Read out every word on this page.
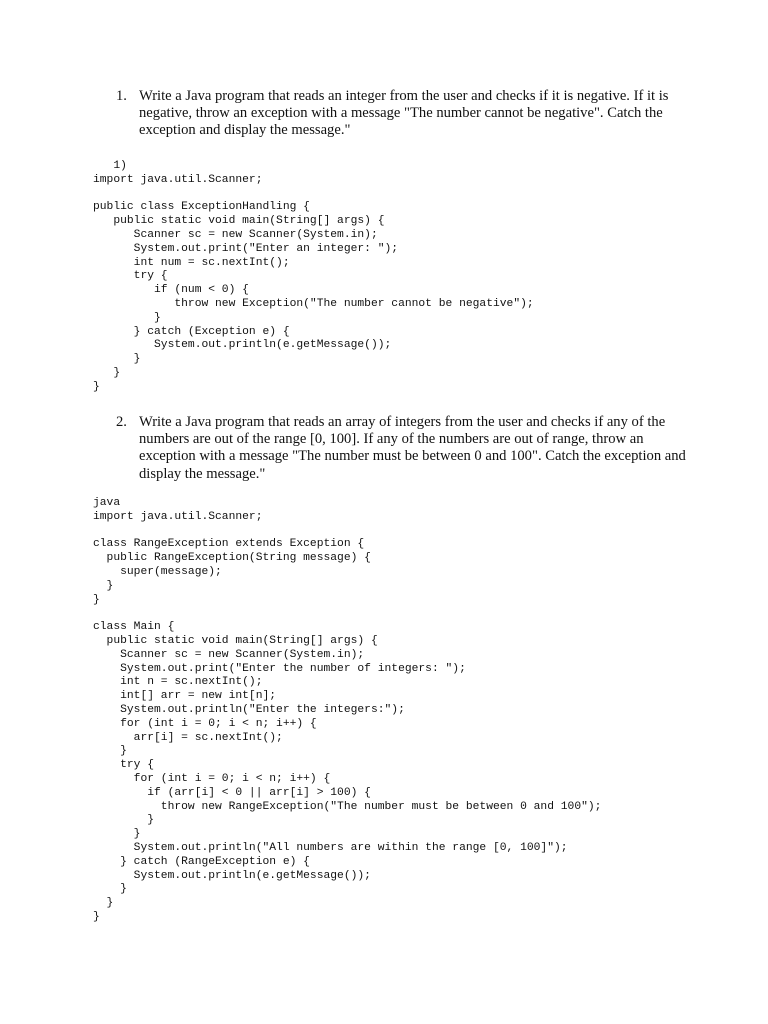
1. Write a Java program that reads an integer from the user and checks if it is negative. If it is negative, throw an exception with a message "The number cannot be negative". Catch the exception and display the message."
1)
import java.util.Scanner;

public class ExceptionHandling {
public static void main(String[] args) {
Scanner sc = new Scanner(System.in);
System.out.print("Enter an integer: ");
int num = sc.nextInt();
try {
if (num < 0) {
throw new Exception("The number cannot be negative");
}
} catch (Exception e) {
System.out.println(e.getMessage());
}
}
}
2. Write a Java program that reads an array of integers from the user and checks if any of the numbers are out of the range [0, 100]. If any of the numbers are out of range, throw an exception with a message "The number must be between 0 and 100". Catch the exception and display the message."
java
import java.util.Scanner;

class RangeException extends Exception {
public RangeException(String message) {
super(message);
}
}

class Main {
public static void main(String[] args) {
Scanner sc = new Scanner(System.in);
System.out.print("Enter the number of integers: ");
int n = sc.nextInt();
int[] arr = new int[n];
System.out.println("Enter the integers:");
for (int i = 0; i < n; i++) {
arr[i] = sc.nextInt();
}
try {
for (int i = 0; i < n; i++) {
if (arr[i] < 0 || arr[i] > 100) {
throw new RangeException("The number must be between 0 and 100");
}
}
System.out.println("All numbers are within the range [0, 100]");
} catch (RangeException e) {
System.out.println(e.getMessage());
}
}
}
